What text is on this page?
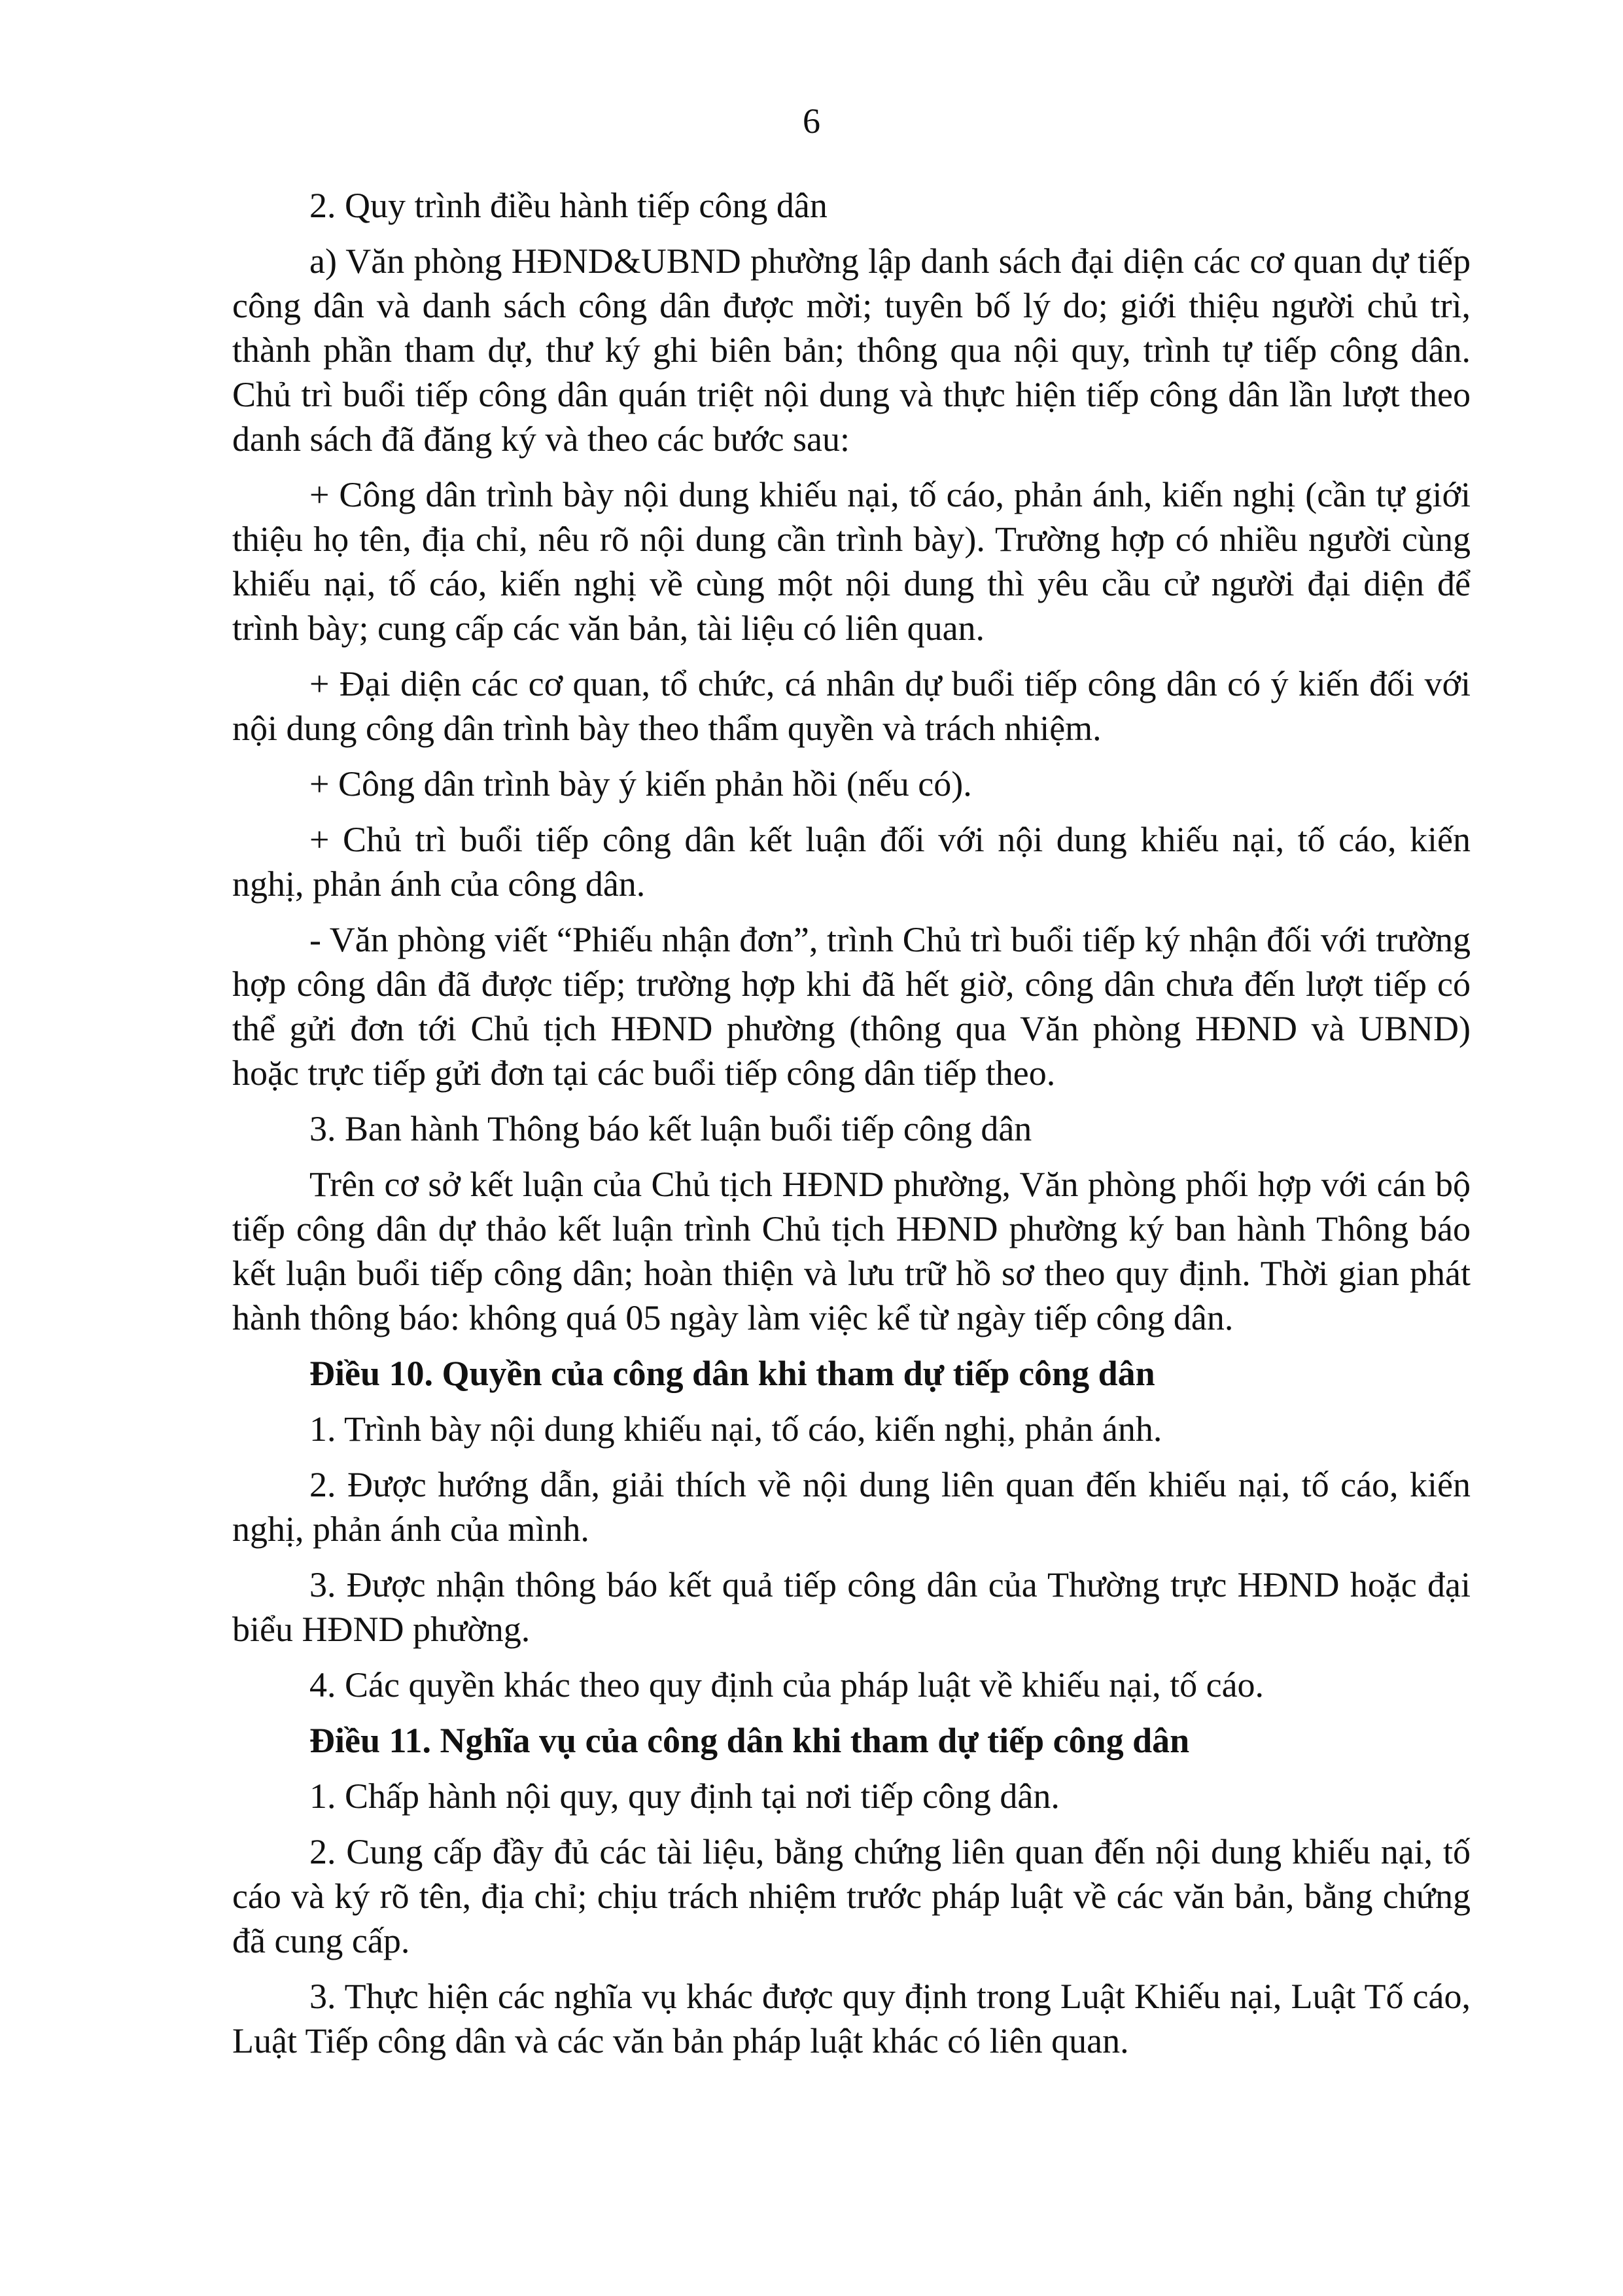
6

2. Quy trình điều hành tiếp công dân

a) Văn phòng HĐND&UBND phường lập danh sách đại diện các cơ quan dự tiếp công dân và danh sách công dân được mời; tuyên bố lý do; giới thiệu người chủ trì, thành phần tham dự, thư ký ghi biên bản; thông qua nội quy, trình tự tiếp công dân. Chủ trì buổi tiếp công dân quán triệt nội dung và thực hiện tiếp công dân lần lượt theo danh sách đã đăng ký và theo các bước sau:

+ Công dân trình bày nội dung khiếu nại, tố cáo, phản ánh, kiến nghị (cần tự giới thiệu họ tên, địa chỉ, nêu rõ nội dung cần trình bày). Trường hợp có nhiều người cùng khiếu nại, tố cáo, kiến nghị về cùng một nội dung thì yêu cầu cử người đại diện để trình bày; cung cấp các văn bản, tài liệu có liên quan.

+ Đại diện các cơ quan, tổ chức, cá nhân dự buổi tiếp công dân có ý kiến đối với nội dung công dân trình bày theo thẩm quyền và trách nhiệm.

+ Công dân trình bày ý kiến phản hồi (nếu có).

+ Chủ trì buổi tiếp công dân kết luận đối với nội dung khiếu nại, tố cáo, kiến nghị, phản ánh của công dân.

- Văn phòng viết “Phiếu nhận đơn”, trình Chủ trì buổi tiếp ký nhận đối với trường hợp công dân đã được tiếp; trường hợp khi đã hết giờ, công dân chưa đến lượt tiếp có thể gửi đơn tới Chủ tịch HĐND phường (thông qua Văn phòng HĐND và UBND) hoặc trực tiếp gửi đơn tại các buổi tiếp công dân tiếp theo.

3. Ban hành Thông báo kết luận buổi tiếp công dân

Trên cơ sở kết luận của Chủ tịch HĐND phường, Văn phòng phối hợp với cán bộ tiếp công dân dự thảo kết luận trình Chủ tịch HĐND phường ký ban hành Thông báo kết luận buổi tiếp công dân; hoàn thiện và lưu trữ hồ sơ theo quy định. Thời gian phát hành thông báo: không quá 05 ngày làm việc kể từ ngày tiếp công dân.

Điều 10. Quyền của công dân khi tham dự tiếp công dân

1. Trình bày nội dung khiếu nại, tố cáo, kiến nghị, phản ánh.

2. Được hướng dẫn, giải thích về nội dung liên quan đến khiếu nại, tố cáo, kiến nghị, phản ánh của mình.

3. Được nhận thông báo kết quả tiếp công dân của Thường trực HĐND hoặc đại biểu HĐND phường.

4. Các quyền khác theo quy định của pháp luật về khiếu nại, tố cáo.

Điều 11. Nghĩa vụ của công dân khi tham dự tiếp công dân

1. Chấp hành nội quy, quy định tại nơi tiếp công dân.

2. Cung cấp đầy đủ các tài liệu, bằng chứng liên quan đến nội dung khiếu nại, tố cáo và ký rõ tên, địa chỉ; chịu trách nhiệm trước pháp luật về các văn bản, bằng chứng đã cung cấp.

3. Thực hiện các nghĩa vụ khác được quy định trong Luật Khiếu nại, Luật Tố cáo, Luật Tiếp công dân và các văn bản pháp luật khác có liên quan.
